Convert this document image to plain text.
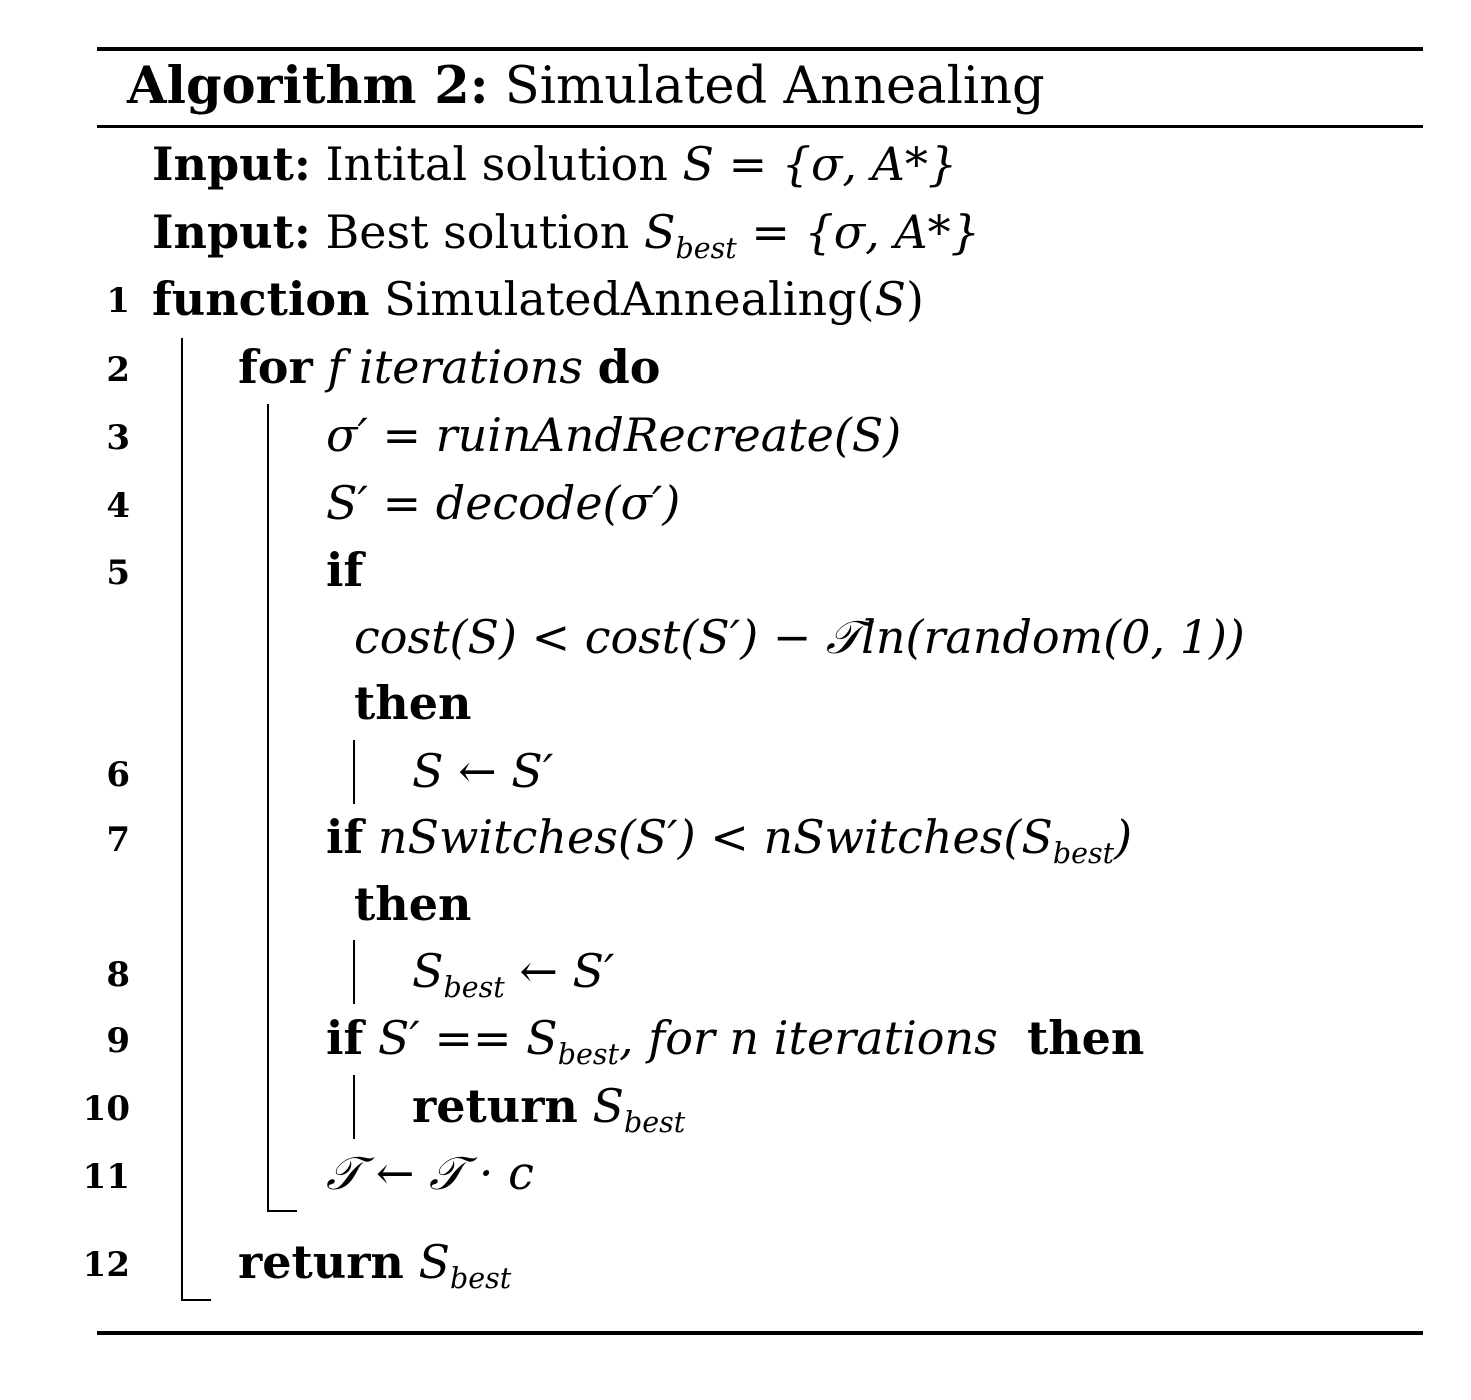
Algorithm 2: Simulated Annealing
Input: Intital solution S = {σ, A*}
Input: Best solution $S_{best} = \{\sigma$, A*}
1 function SimulatedAnnealing(S)
2 for f iterations do
3	σ′ = ruinAndRecreate(S)
4	S′ = decode(σ′)
5	if
cost(S) < cost(S′) − 𝒯ln(random(0, 1))
then
6	S ← S′
7	if nSwitches(S′) < $nSwitches(S_{best})$
then
8	$S_{best}$ ← S′
9	if $S' == S_{best}$, for n iterations then
10	return $S_{best}$
11	𝒯 ← 𝒯 · c
12 return $S_{best}$
